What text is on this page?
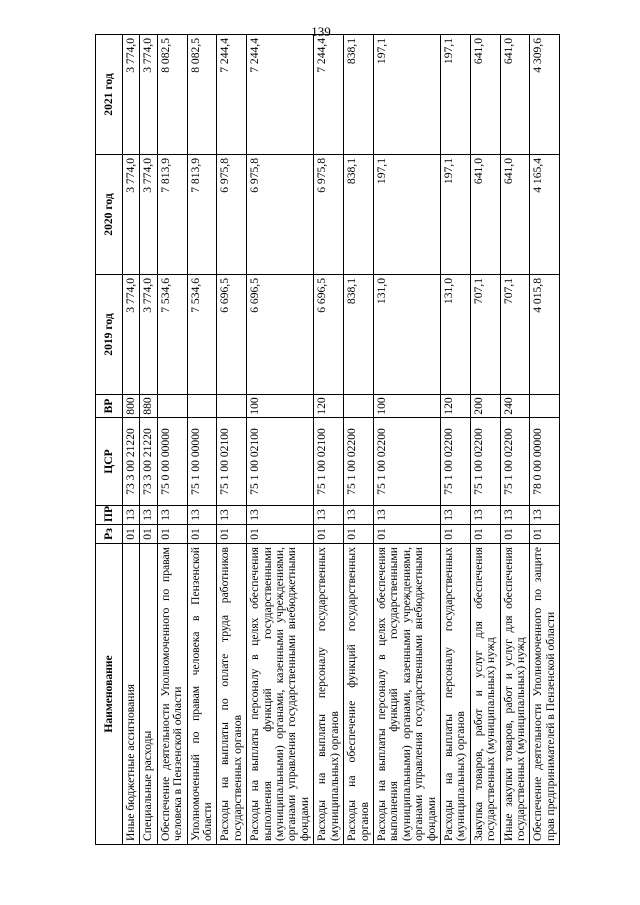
139
Наименование	Рз	ПР	ЦСР	ВР	2019 год	2020 год	2021 год
Иные бюджетные ассигнования	01	13	73 3 00 21220	800	3 774,0	3 774,0	3 774,0
Специальные расходы	01	13	73 3 00 21220	880	3 774,0	3 774,0	3 774,0
Обеспечение деятельности Уполномоченного по правам человека в Пензенской области	01	13	75 0 00 00000		7 534,6	7 813,9	8 082,5
Уполномоченный по правам человека в Пензенской области	01	13	75 1 00 00000		7 534,6	7 813,9	8 082,5
Расходы на выплаты по оплате труда работников государственных органов	01	13	75 1 00 02100		6 696,5	6 975,8	7 244,4
Расходы на выплаты персоналу в целях обеспечения выполнения функций государственными (муниципальными) органами, казенными учреждениями, органами управления государственными внебюджетными фондами	01	13	75 1 00 02100	100	6 696,5	6 975,8	7 244,4
Расходы на выплаты персоналу государственных (муниципальных) органов	01	13	75 1 00 02100	120	6 696,5	6 975,8	7 244,4
Расходы на обеспечение функций государственных органов	01	13	75 1 00 02200		838,1	838,1	838,1
Расходы на выплаты персоналу в целях обеспечения выполнения функций государственными (муниципальными) органами, казенными учреждениями, органами управления государственными внебюджетными фондами	01	13	75 1 00 02200	100	131,0	197,1	197,1
Расходы на выплаты персоналу государственных (муниципальных) органов	01	13	75 1 00 02200	120	131,0	197,1	197,1
Закупка товаров, работ и услуг для обеспечения государственных (муниципальных) нужд	01	13	75 1 00 02200	200	707,1	641,0	641,0
Иные закупки товаров, работ и услуг для обеспечения государственных (муниципальных) нужд	01	13	75 1 00 02200	240	707,1	641,0	641,0
Обеспечение деятельности Уполномоченного по защите прав предпринимателей в Пензенской области	01	13	78 0 00 00000		4 015,8	4 165,4	4 309,6
